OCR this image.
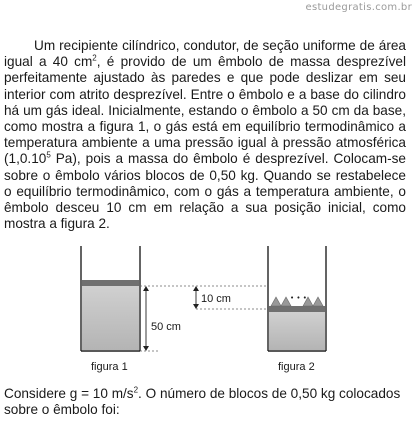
estudegratis.com.br
Um recipiente cilíndrico, condutor, de seção uniforme de área igual a 40 $cm^2$, é provido de um êmbolo de massa desprezível perfeitamente ajustado às paredes e que pode deslizar em seu interior com atrito desprezível. Entre o êmbolo e a base do cilindro há um gás ideal. Inicialmente, estando o êmbolo a 50 cm da base, como mostra a figura 1, o gás está em equilíbrio termodinâmico a temperatura ambiente a uma pressão igual à pressão atmosférica (1,0.10$^5$ Pa), pois a massa do êmbolo é desprezível. Colocam-se sobre o êmbolo vários blocos de 0,50 kg. Quando se restabelece o equilíbrio termodinâmico, com o gás a temperatura ambiente, o êmbolo desceu 10 cm em relação a sua posição inicial, como mostra a figura 2.
10 cm
50 cm
• • •
figura 1	figura 2
Considere g = 10 $m/s^2$. O número de blocos de 0,50 kg colocados sobre o êmbolo foi:
